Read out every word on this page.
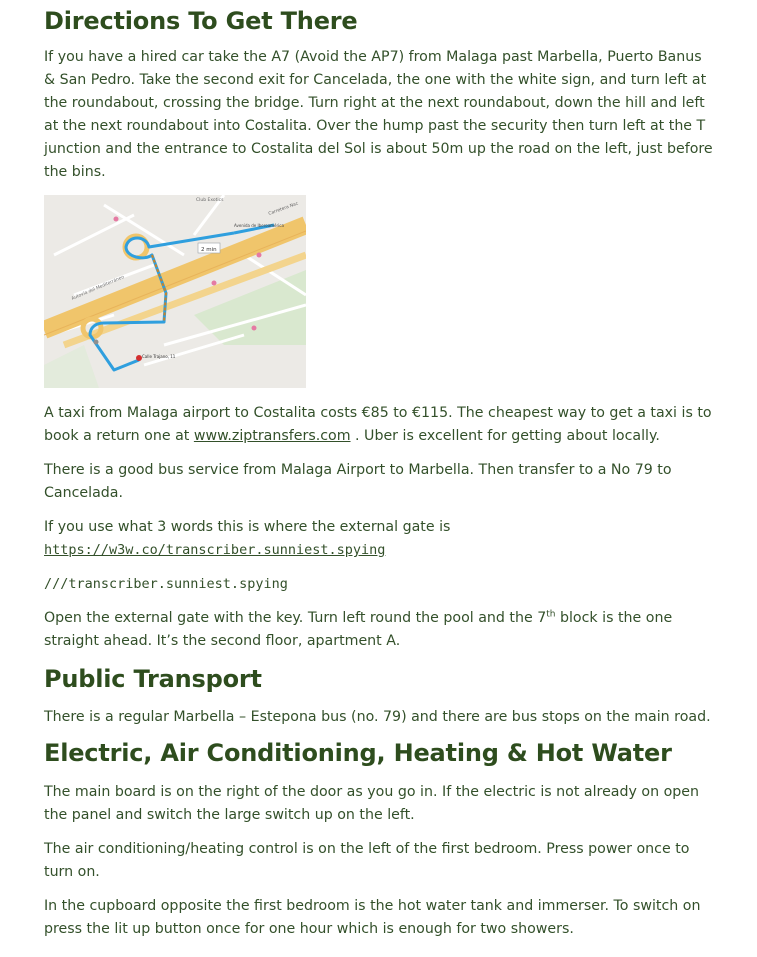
Directions To Get There

If you have a hired car take the A7 (Avoid the AP7) from Malaga past Marbella, Puerto Banus & San Pedro. Take the second exit for Cancelada, the one with the white sign, and turn left at the roundabout, crossing the bridge. Turn right at the next roundabout, down the hill and left at the next roundabout into Costalita. Over the hump past the security then turn left at the T junction and the entrance to Costalita del Sol is about 50m up the road on the left, just before the bins.

2 min
Club Exotics
Carretera Nac
Avenida de Iberoamérica
Calle Trajano, 11
Autovía del Mediterráneo

A taxi from Malaga airport to Costalita costs €85 to €115. The cheapest way to get a taxi is to book a return one at www.ziptransfers.com . Uber is excellent for getting about locally.

There is a good bus service from Malaga Airport to Marbella. Then transfer to a No 79 to Cancelada.

If you use what 3 words this is where the external gate is
https://w3w.co/transcriber.sunniest.spying

///transcriber.sunniest.spying

Open the external gate with the key. Turn left round the pool and the 7th block is the one straight ahead. It’s the second floor, apartment A.

Public Transport

There is a regular Marbella – Estepona bus (no. 79) and there are bus stops on the main road.

Electric, Air Conditioning, Heating & Hot Water

The main board is on the right of the door as you go in. If the electric is not already on open the panel and switch the large switch up on the left.

The air conditioning/heating control is on the left of the first bedroom. Press power once to turn on.

In the cupboard opposite the first bedroom is the hot water tank and immerser. To switch on press the lit up button once for one hour which is enough for two showers.
